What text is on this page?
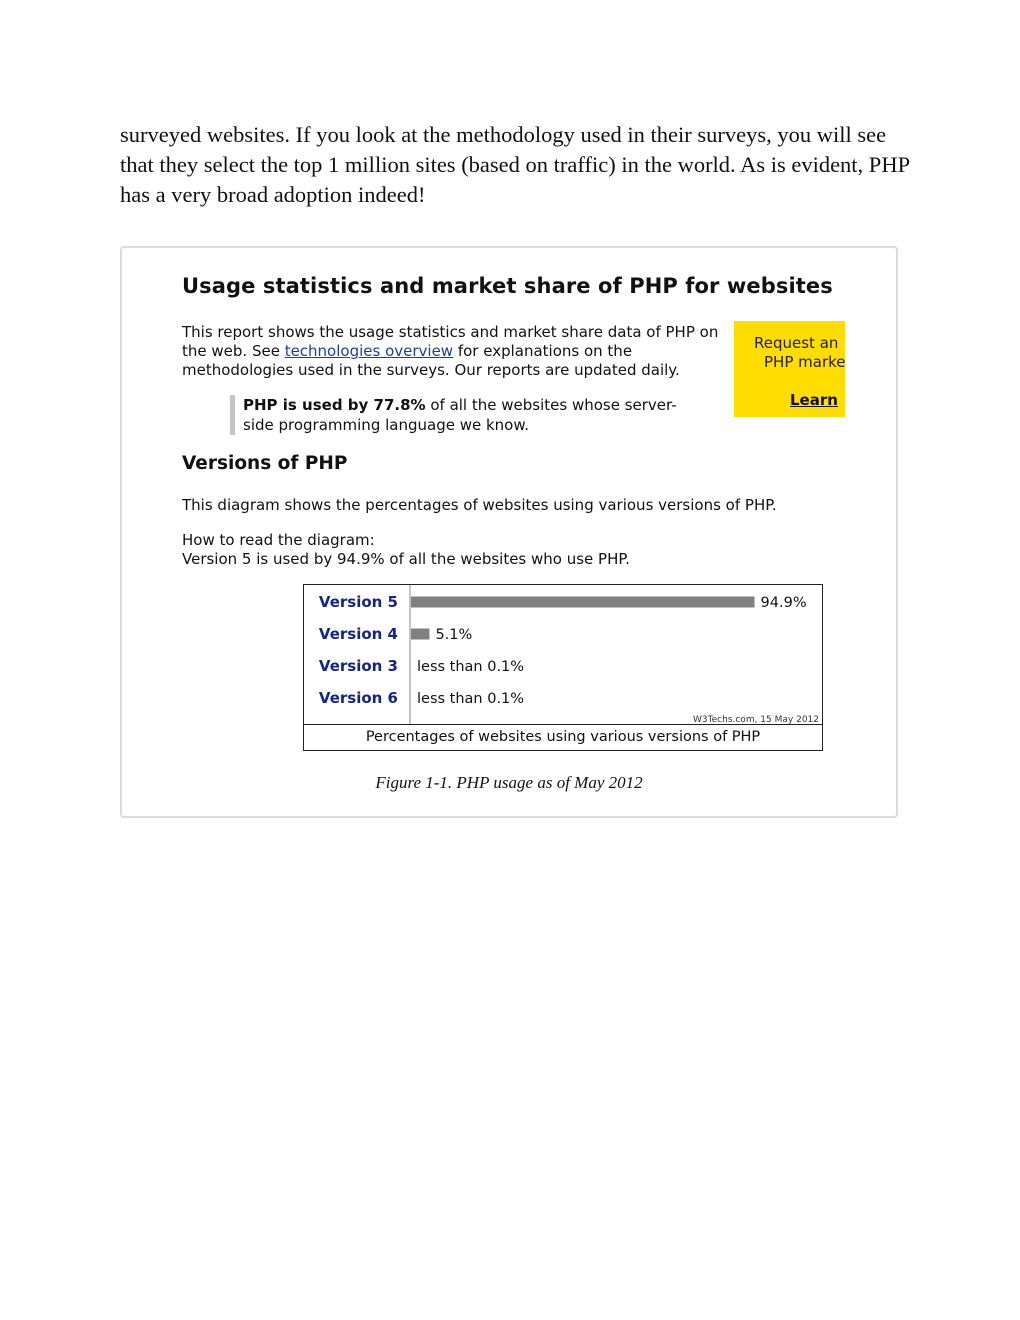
surveyed websites. If you look at the methodology used in their surveys, you will see that they select the top 1 million sites (based on traffic) in the world. As is evident, PHP has a very broad adoption indeed!

Usage statistics and market share of PHP for websites

This report shows the usage statistics and market share data of PHP on the web. See technologies overview for explanations on the methodologies used in the surveys. Our reports are updated daily.

Request an
PHP marke
Learn

PHP is used by 77.8% of all the websites whose server-side programming language we know.

Versions of PHP

This diagram shows the percentages of websites using various versions of PHP.

How to read the diagram:
Version 5 is used by 94.9% of all the websites who use PHP.

Version 5	94.9%
Version 4	5.1%
Version 3 less than 0.1%
Version 6 less than 0.1%
W3Techs.com, 15 May 2012
Percentages of websites using various versions of PHP

Figure 1-1. PHP usage as of May 2012
